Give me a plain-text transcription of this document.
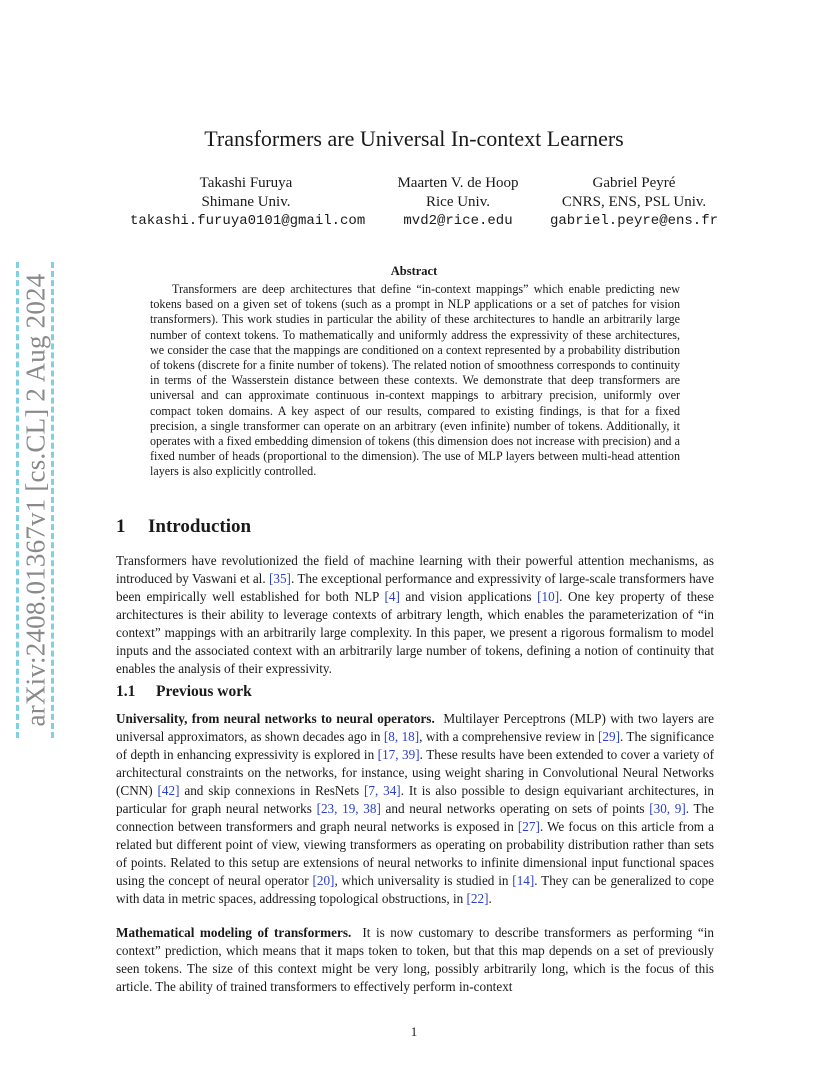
arXiv:2408.01367v1 [cs.CL] 2 Aug 2024
Transformers are Universal In-context Learners
Takashi Furuya
Shimane Univ.
takashi.furuya0101@gmail.com
Maarten V. de Hoop
Rice Univ.
mvd2@rice.edu
Gabriel Peyré
CNRS, ENS, PSL Univ.
gabriel.peyre@ens.fr
Abstract

Transformers are deep architectures that define “in-context mappings” which enable predicting new tokens based on a given set of tokens (such as a prompt in NLP applications or a set of patches for vision transformers). This work studies in particular the ability of these architectures to handle an arbitrarily large number of context tokens. To mathematically and uniformly address the expressivity of these architectures, we consider the case that the mappings are conditioned on a context represented by a probability distribution of tokens (discrete for a finite number of tokens). The related notion of smoothness corresponds to continuity in terms of the Wasserstein distance between these contexts. We demonstrate that deep transformers are universal and can approximate continuous in-context mappings to arbitrary precision, uniformly over compact token domains. A key aspect of our results, compared to existing findings, is that for a fixed precision, a single transformer can operate on an arbitrary (even infinite) number of tokens. Additionally, it operates with a fixed embedding dimension of tokens (this dimension does not increase with precision) and a fixed number of heads (proportional to the dimension). The use of MLP layers between multi-head attention layers is also explicitly controlled.

1 Introduction

Transformers have revolutionized the field of machine learning with their powerful attention mechanisms, as introduced by Vaswani et al. [35]. The exceptional performance and expressivity of large-scale transformers have been empirically well established for both NLP [4] and vision applications [10]. One key property of these architectures is their ability to leverage contexts of arbitrary length, which enables the parameterization of “in context” mappings with an arbitrarily large complexity. In this paper, we present a rigorous formalism to model inputs and the associated context with an arbitrarily large number of tokens, defining a notion of continuity that enables the analysis of their expressivity.

1.1 Previous work

Universality, from neural networks to neural operators. Multilayer Perceptrons (MLP) with two layers are universal approximators, as shown decades ago in [8, 18], with a comprehensive review in [29]. The significance of depth in enhancing expressivity is explored in [17, 39]. These results have been extended to cover a variety of architectural constraints on the networks, for instance, using weight sharing in Convolutional Neural Networks (CNN) [42] and skip connexions in ResNets [7, 34]. It is also possible to design equivariant architectures, in particular for graph neural networks [23, 19, 38] and neural networks operating on sets of points [30, 9]. The connection between transformers and graph neural networks is exposed in [27]. We focus on this article from a related but different point of view, viewing transformers as operating on probability distribution rather than sets of points. Related to this setup are extensions of neural networks to infinite dimensional input functional spaces using the concept of neural operator [20], which universality is studied in [14]. They can be generalized to cope with data in metric spaces, addressing topological obstructions, in [22].

Mathematical modeling of transformers. It is now customary to describe transformers as performing “in context” prediction, which means that it maps token to token, but that this map depends on a set of previously seen tokens. The size of this context might be very long, possibly arbitrarily long, which is the focus of this article. The ability of trained transformers to effectively perform in-context

1
